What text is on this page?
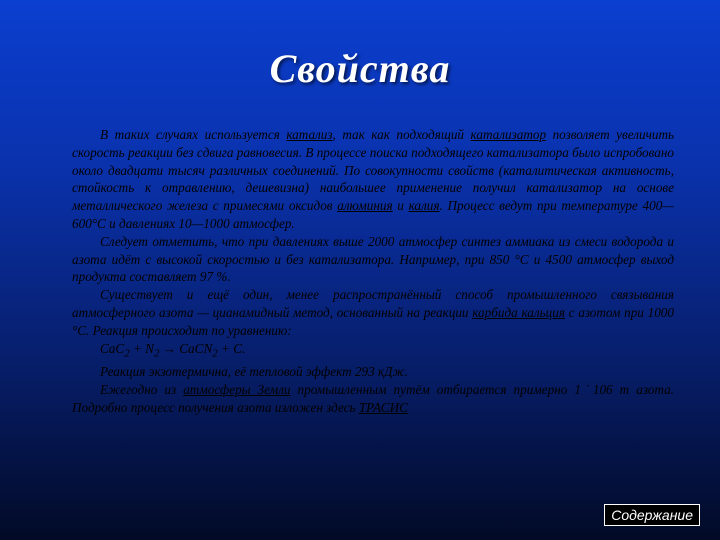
Свойства

В таких случаях используется катализ, так как подходящий катализатор позволяет увеличить скорость реакции без сдвига равновесия. В процессе поиска подходящего катализатора было испробовано около двадцати тысяч различных соединений. По совокупности свойств (каталитическая активность, стойкость к отравлению, дешевизна) наибольшее применение получил катализатор на основе металлического железа с примесями оксидов алюминия и калия. Процесс ведут при температуре 400—600°C и давлениях 10—1000 атмосфер.

Следует отметить, что при давлениях выше 2000 атмосфер синтез аммиака из смеси водорода и азота идёт с высокой скоростью и без катализатора. Например, при 850 °C и 4500 атмосфер выход продукта составляет 97 %.

Существует и ещё один, менее распространённый способ промышленного связывания атмосферного азота — цианамидный метод, основанный на реакции карбида кальция с азотом при 1000 °C. Реакция происходит по уравнению:

$CaC_2 + N_2$ → CaCN$_2$ + C.

Реакция экзотермична, её тепловой эффект 293 кДж.

Ежегодно из атмосферы Земли промышленным путём отбирается примерно 1˙106 т азота. Подробно процесс получения азота изложен здесь ТРАСИС

Содержание
